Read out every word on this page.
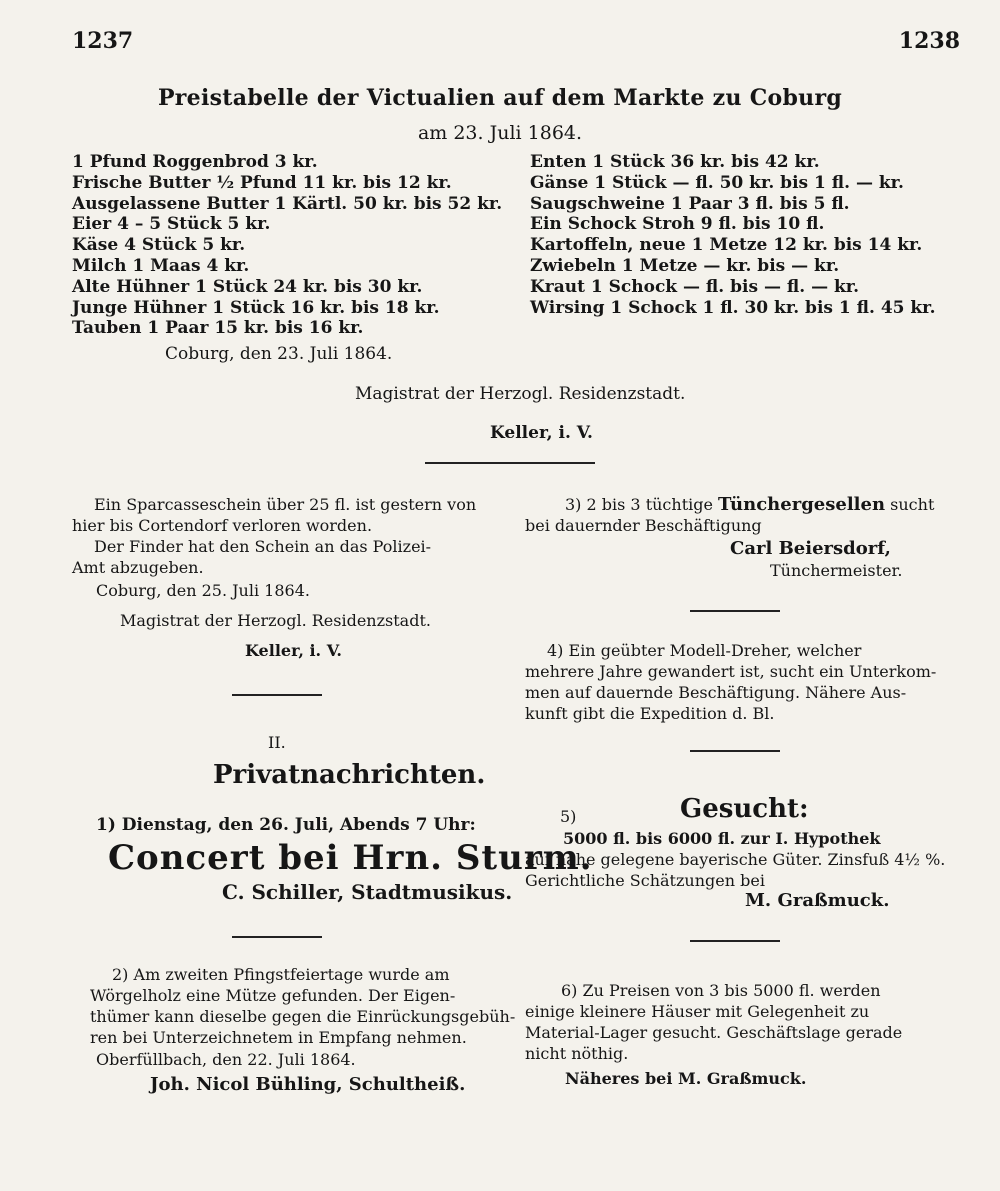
1237	1238
Preistabelle der Victualien auf dem Markte zu Coburg
am 23. Juli 1864.
1 Pfund Roggenbrod 3 kr.
Frische Butter ½ Pfund 11 kr. bis 12 kr.
Ausgelassene Butter 1 Kärtl. 50 kr. bis 52 kr.
Eier 4 – 5 Stück 5 kr.
Käse 4 Stück 5 kr.
Milch 1 Maas 4 kr.
Alte Hühner 1 Stück 24 kr. bis 30 kr.
Junge Hühner 1 Stück 16 kr. bis 18 kr.
Tauben 1 Paar 15 kr. bis 16 kr.
Enten 1 Stück 36 kr. bis 42 kr.
Gänse 1 Stück — fl. 50 kr. bis 1 fl. — kr.
Saugschweine 1 Paar 3 fl. bis 5 fl.
Ein Schock Stroh 9 fl. bis 10 fl.
Kartoffeln, neue 1 Metze 12 kr. bis 14 kr.
Zwiebeln 1 Metze — kr. bis — kr.
Kraut 1 Schock — fl. bis — fl. — kr.
Wirsing 1 Schock 1 fl. 30 kr. bis 1 fl. 45 kr.
Coburg, den 23. Juli 1864.
Magistrat der Herzogl. Residenzstadt.
Keller, i. V.
Ein Sparcasseschein über 25 fl. ist gestern von
hier bis Cortendorf verloren worden.
Der Finder hat den Schein an das Polizei-
Amt abzugeben.
Coburg, den 25. Juli 1864.
Magistrat der Herzogl. Residenzstadt.
Keller, i. V.
II.
Privatnachrichten.
1) Dienstag, den 26. Juli, Abends 7 Uhr:
Concert bei Hrn. Sturm.
C. Schiller, Stadtmusikus.
2) Am zweiten Pfingstfeiertage wurde am
Wörgelholz eine Mütze gefunden. Der Eigen-
thümer kann dieselbe gegen die Einrückungsgebüh-
ren bei Unterzeichnetem in Empfang nehmen.
Oberfüllbach, den 22. Juli 1864.
Joh. Nicol Bühling, Schultheiß.
3) 2 bis 3 tüchtige Tünchergesellen sucht
bei dauernder Beschäftigung
Carl Beiersdorf,
Tünchermeister.
4) Ein geübter Modell-Dreher, welcher
mehrere Jahre gewandert ist, sucht ein Unterkom-
men auf dauernde Beschäftigung. Nähere Aus-
kunft gibt die Expedition d. Bl.
5)	Gesucht:
5000 fl. bis 6000 fl. zur I. Hypothek
auf nahe gelegene bayerische Güter. Zinsfuß 4½ %.
Gerichtliche Schätzungen bei
M. Graßmuck.
6) Zu Preisen von 3 bis 5000 fl. werden
einige kleinere Häuser mit Gelegenheit zu
Material-Lager gesucht. Geschäftslage gerade
nicht nöthig.
Näheres bei M. Graßmuck.
